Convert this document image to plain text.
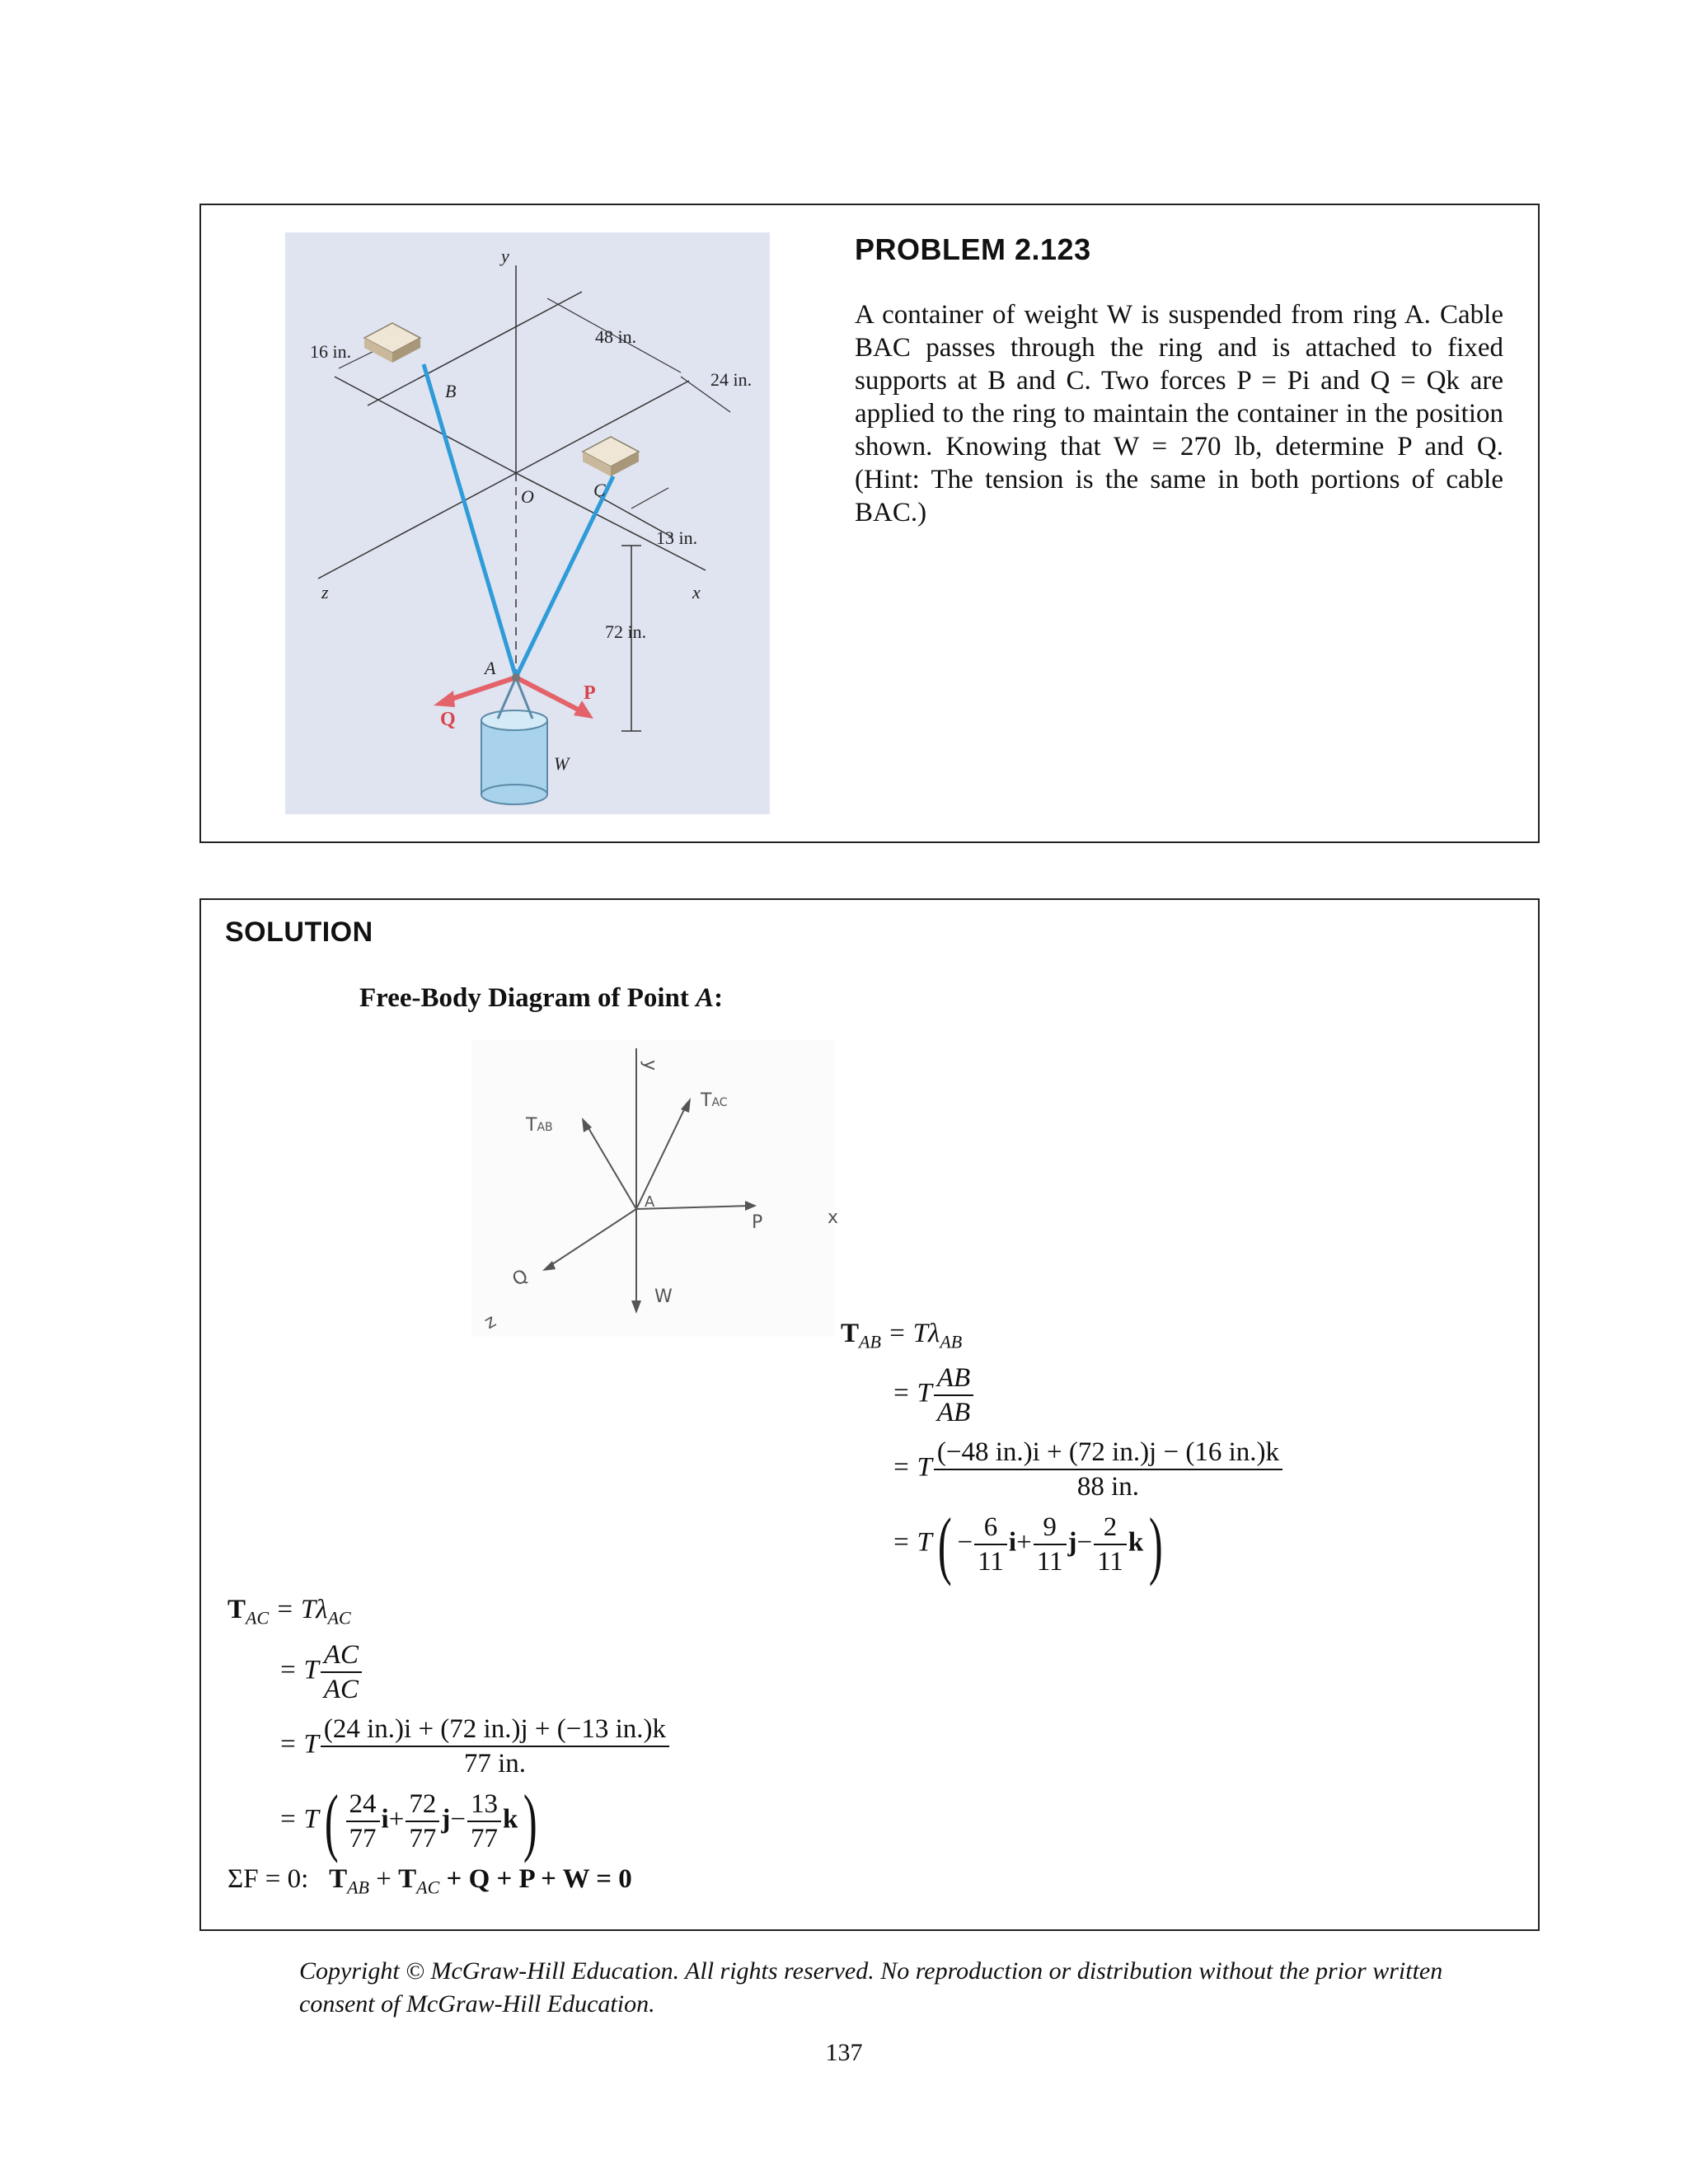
y
z	x
O
A
B
C
P
Q
W
16 in.
48 in.
24 in.
13 in.
72 in.
PROBLEM 2.123
A container of weight W is suspended from ring A. Cable BAC passes through the ring and is attached to fixed supports at B and C. Two forces P = Pi and Q = Qk are applied to the ring to maintain the container in the position shown. Knowing that W = 270 lb, determine P and Q. (Hint: The tension is the same in both portions of cable BAC.)
SOLUTION
Free-Body Diagram of Point A:
y
x
z
A
TAB
TAC
P
Q
W
$T_{AB} = T\lambda_{AB}$
= T $\frac{AB}{AB}$
= T $\frac{(-48 in.)i + (72 in.)j - (16 in.)k}{88 in.}$
= $T( - \frac{6}{11} i+ \frac{9}{11} j- \frac{2}{11} k)$
$T_{AC} = T\lambda_{AC}$
= T $\frac{AC}{AC}$
= T $\frac{(24 in.)i + (72 in.)j + (-13 in.)k}{77 in.}$
= $T( \frac{24}{77} i+ \frac{72}{77} j- \frac{13}{77} k)$
ΣF = 0: $T_{AB} + T_{AC} + Q + P + W = 0$
Copyright © McGraw-Hill Education. All rights reserved. No reproduction or distribution without the prior written consent of McGraw-Hill Education.
137
